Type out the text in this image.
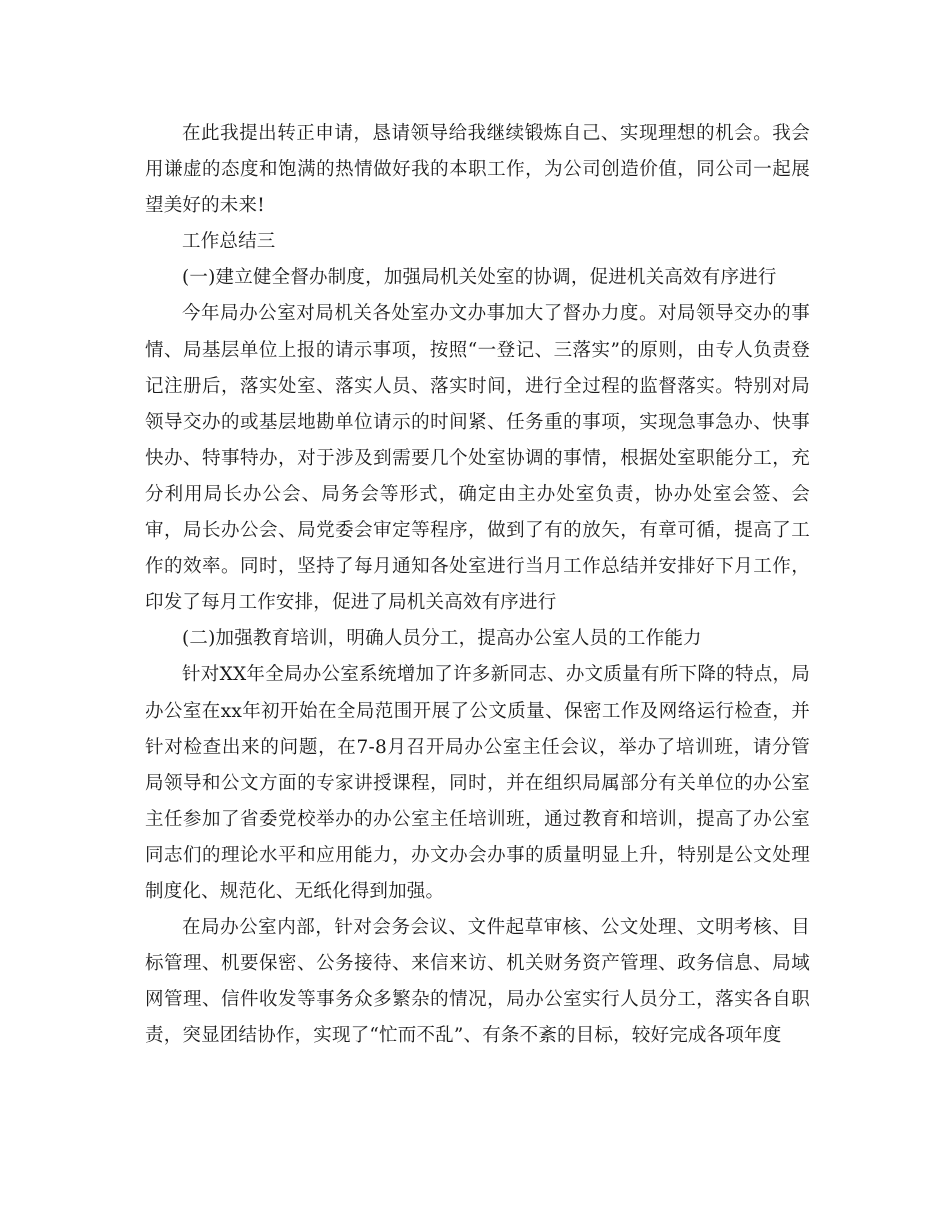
在此我提出转正申请，恳请领导给我继续锻炼自己、实现理想的机会。我会用谦虚的态度和饱满的热情做好我的本职工作，为公司创造价值，同公司一起展望美好的未来!

工作总结三

(一)建立健全督办制度，加强局机关处室的协调，促进机关高效有序进行

今年局办公室对局机关各处室办文办事加大了督办力度。对局领导交办的事情、局基层单位上报的请示事项，按照“一登记、三落实”的原则，由专人负责登记注册后，落实处室、落实人员、落实时间，进行全过程的监督落实。特别对局领导交办的或基层地勘单位请示的时间紧、任务重的事项，实现急事急办、快事快办、特事特办，对于涉及到需要几个处室协调的事情，根据处室职能分工，充分利用局长办公会、局务会等形式，确定由主办处室负责，协办处室会签、会审，局长办公会、局党委会审定等程序，做到了有的放矢，有章可循，提高了工作的效率。同时，坚持了每月通知各处室进行当月工作总结并安排好下月工作，印发了每月工作安排，促进了局机关高效有序进行

(二)加强教育培训，明确人员分工，提高办公室人员的工作能力

针对XX年全局办公室系统增加了许多新同志、办文质量有所下降的特点，局办公室在xx年初开始在全局范围开展了公文质量、保密工作及网络运行检查，并针对检查出来的问题，在7-8月召开局办公室主任会议，举办了培训班，请分管局领导和公文方面的专家讲授课程，同时，并在组织局属部分有关单位的办公室主任参加了省委党校举办的办公室主任培训班，通过教育和培训，提高了办公室同志们的理论水平和应用能力，办文办会办事的质量明显上升，特别是公文处理制度化、规范化、无纸化得到加强。

在局办公室内部，针对会务会议、文件起草审核、公文处理、文明考核、目标管理、机要保密、公务接待、来信来访、机关财务资产管理、政务信息、局域网管理、信件收发等事务众多繁杂的情况，局办公室实行人员分工，落实各自职责，突显团结协作，实现了“忙而不乱”、有条不紊的目标，较好完成各项年度
